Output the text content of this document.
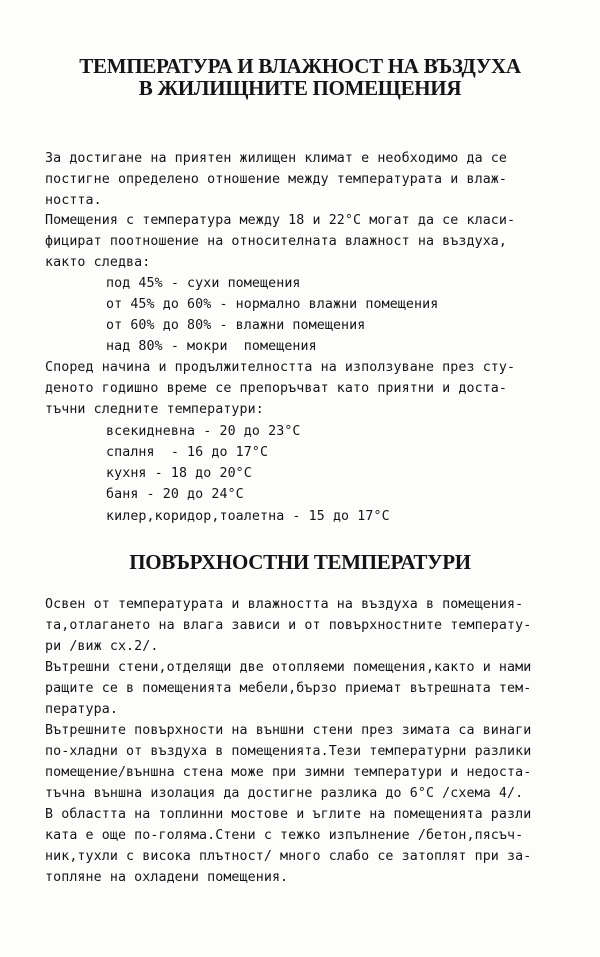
ТЕМПЕРАТУРА И ВЛАЖНОСТ НА ВЪЗДУХА
В ЖИЛИЩНИТЕ ПОМЕЩЕНИЯ
За достигане на приятен жилищен климат е необходимо да се
постигне определено отношение между температурата и влаж-
ността.
Помещения с температура между 18 и 22°С могат да се класи-
фицират поотношение на относителната влажност на въздуха,
както следва:
под 45% - сухи помещения
от 45% до 60% - нормално влажни помещения
от 60% до 80% - влажни помещения
над 80% - мокри  помещения
Според начина и продължителността на използуване през сту-
деното годишно време се препоръчват като приятни и доста-
тъчни следните температури:
всекидневна - 20 до 23°С
спалня  - 16 до 17°С
кухня - 18 до 20°С
баня - 20 до 24°С
килер,коридор,тоалетна - 15 до 17°С
ПОВЪРХНОСТНИ ТЕМПЕРАТУРИ
Освен от температурата и влажността на въздуха в помещения-
та,отлагането на влага зависи и от повърхностните температу-
ри /виж сх.2/.
Вътрешни стени,отделящи две отопляеми помещения,както и нами
ращите се в помещенията мебели,бързо приемат вътрешната тем-
пература.
Вътрешните повърхности на външни стени през зимата са винаги
по-хладни от въздуха в помещенията.Тези температурни разлики
помещение/външна стена може при зимни температури и недоста-
тъчна външна изолация да достигне разлика до 6°С /схема 4/.
В областта на топлинни мостове и ъглите на помещенията разли
ката е още по-голяма.Стени с тежко изпълнение /бетон,пясъч-
ник,тухли с висока плътност/ много слабо се затоплят при за-
топляне на охладени помещения.
